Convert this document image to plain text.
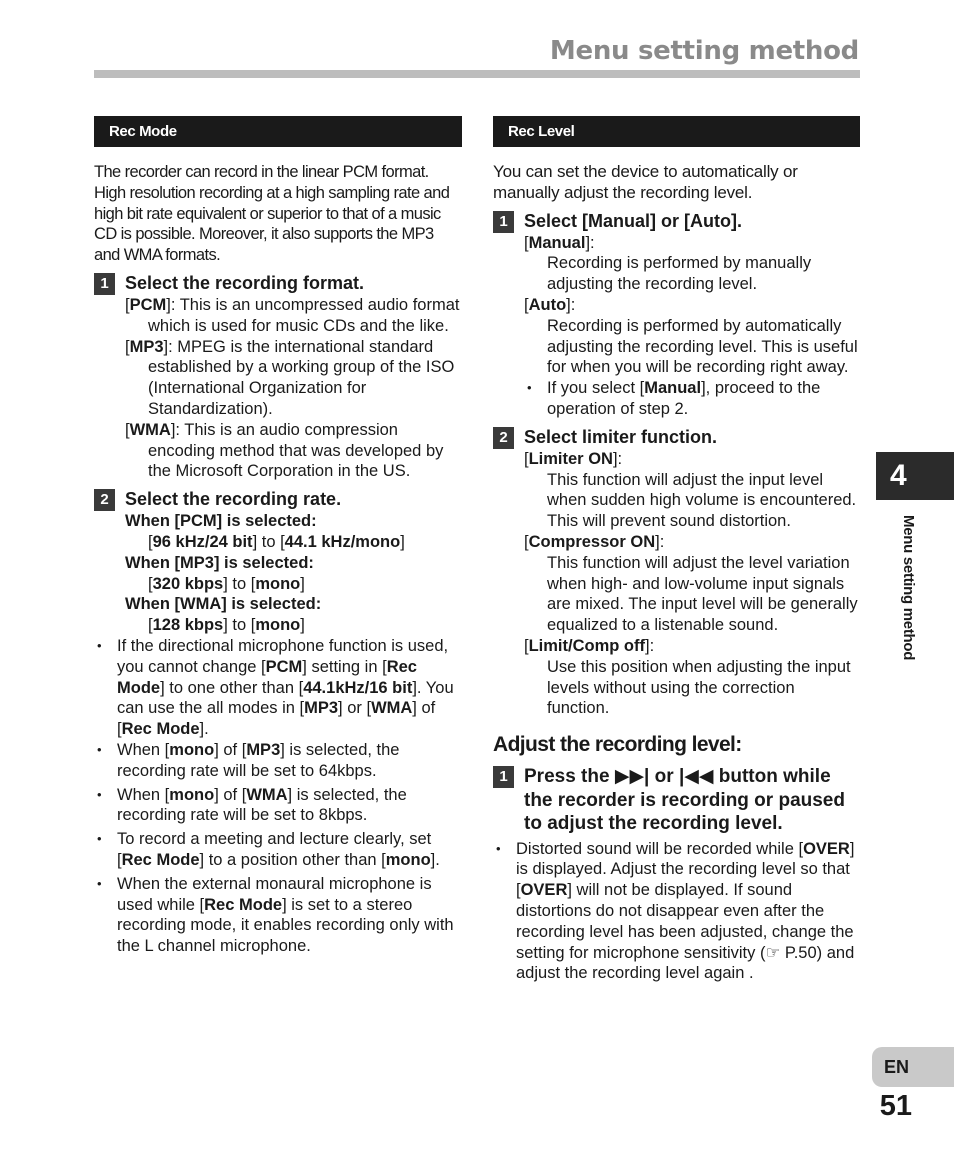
Menu setting method
Rec Mode
The recorder can record in the linear PCM format. High resolution recording at a high sampling rate and high bit rate equivalent or superior to that of a music CD is possible. Moreover, it also supports the MP3 and WMA formats.
1 Select the recording format.
[PCM]: This is an uncompressed audio format which is used for music CDs and the like.
[MP3]: MPEG is the international standard established by a working group of the ISO (International Organization for Standardization).
[WMA]: This is an audio compression encoding method that was developed by the Microsoft Corporation in the US.
2 Select the recording rate.
When [PCM] is selected:
[96 kHz/24 bit] to [44.1 kHz/mono]
When [MP3] is selected:
[320 kbps] to [mono]
When [WMA] is selected:
[128 kbps] to [mono]
• If the directional microphone function is used, you cannot change [PCM] setting in [Rec Mode] to one other than [44.1kHz/16 bit]. You can use the all modes in [MP3] or [WMA] of [Rec Mode].
• When [mono] of [MP3] is selected, the recording rate will be set to 64kbps.
• When [mono] of [WMA] is selected, the recording rate will be set to 8kbps.
• To record a meeting and lecture clearly, set [Rec Mode] to a position other than [mono].
• When the external monaural microphone is used while [Rec Mode] is set to a stereo recording mode, it enables recording only with the L channel microphone.
Rec Level
You can set the device to automatically or manually adjust the recording level.
1 Select [Manual] or [Auto].
[Manual]:
Recording is performed by manually adjusting the recording level.
[Auto]:
Recording is performed by automatically adjusting the recording level. This is useful for when you will be recording right away.
• If you select [Manual], proceed to the operation of step 2.
2 Select limiter function.
[Limiter ON]:
This function will adjust the input level when sudden high volume is encountered. This will prevent sound distortion.
[Compressor ON]:
This function will adjust the level variation when high- and low-volume input signals are mixed. The input level will be generally equalized to a listenable sound.
[Limit/Comp off]:
Use this position when adjusting the input levels without using the correction function.
Adjust the recording level:
1 Press the ▶▶| or |◀◀ button while the recorder is recording or paused to adjust the recording level.
• Distorted sound will be recorded while [OVER] is displayed. Adjust the recording level so that [OVER] will not be displayed. If sound distortions do not disappear even after the recording level has been adjusted, change the setting for microphone sensitivity (☞ P.50) and adjust the recording level again .
4
Menu setting method
EN
51
